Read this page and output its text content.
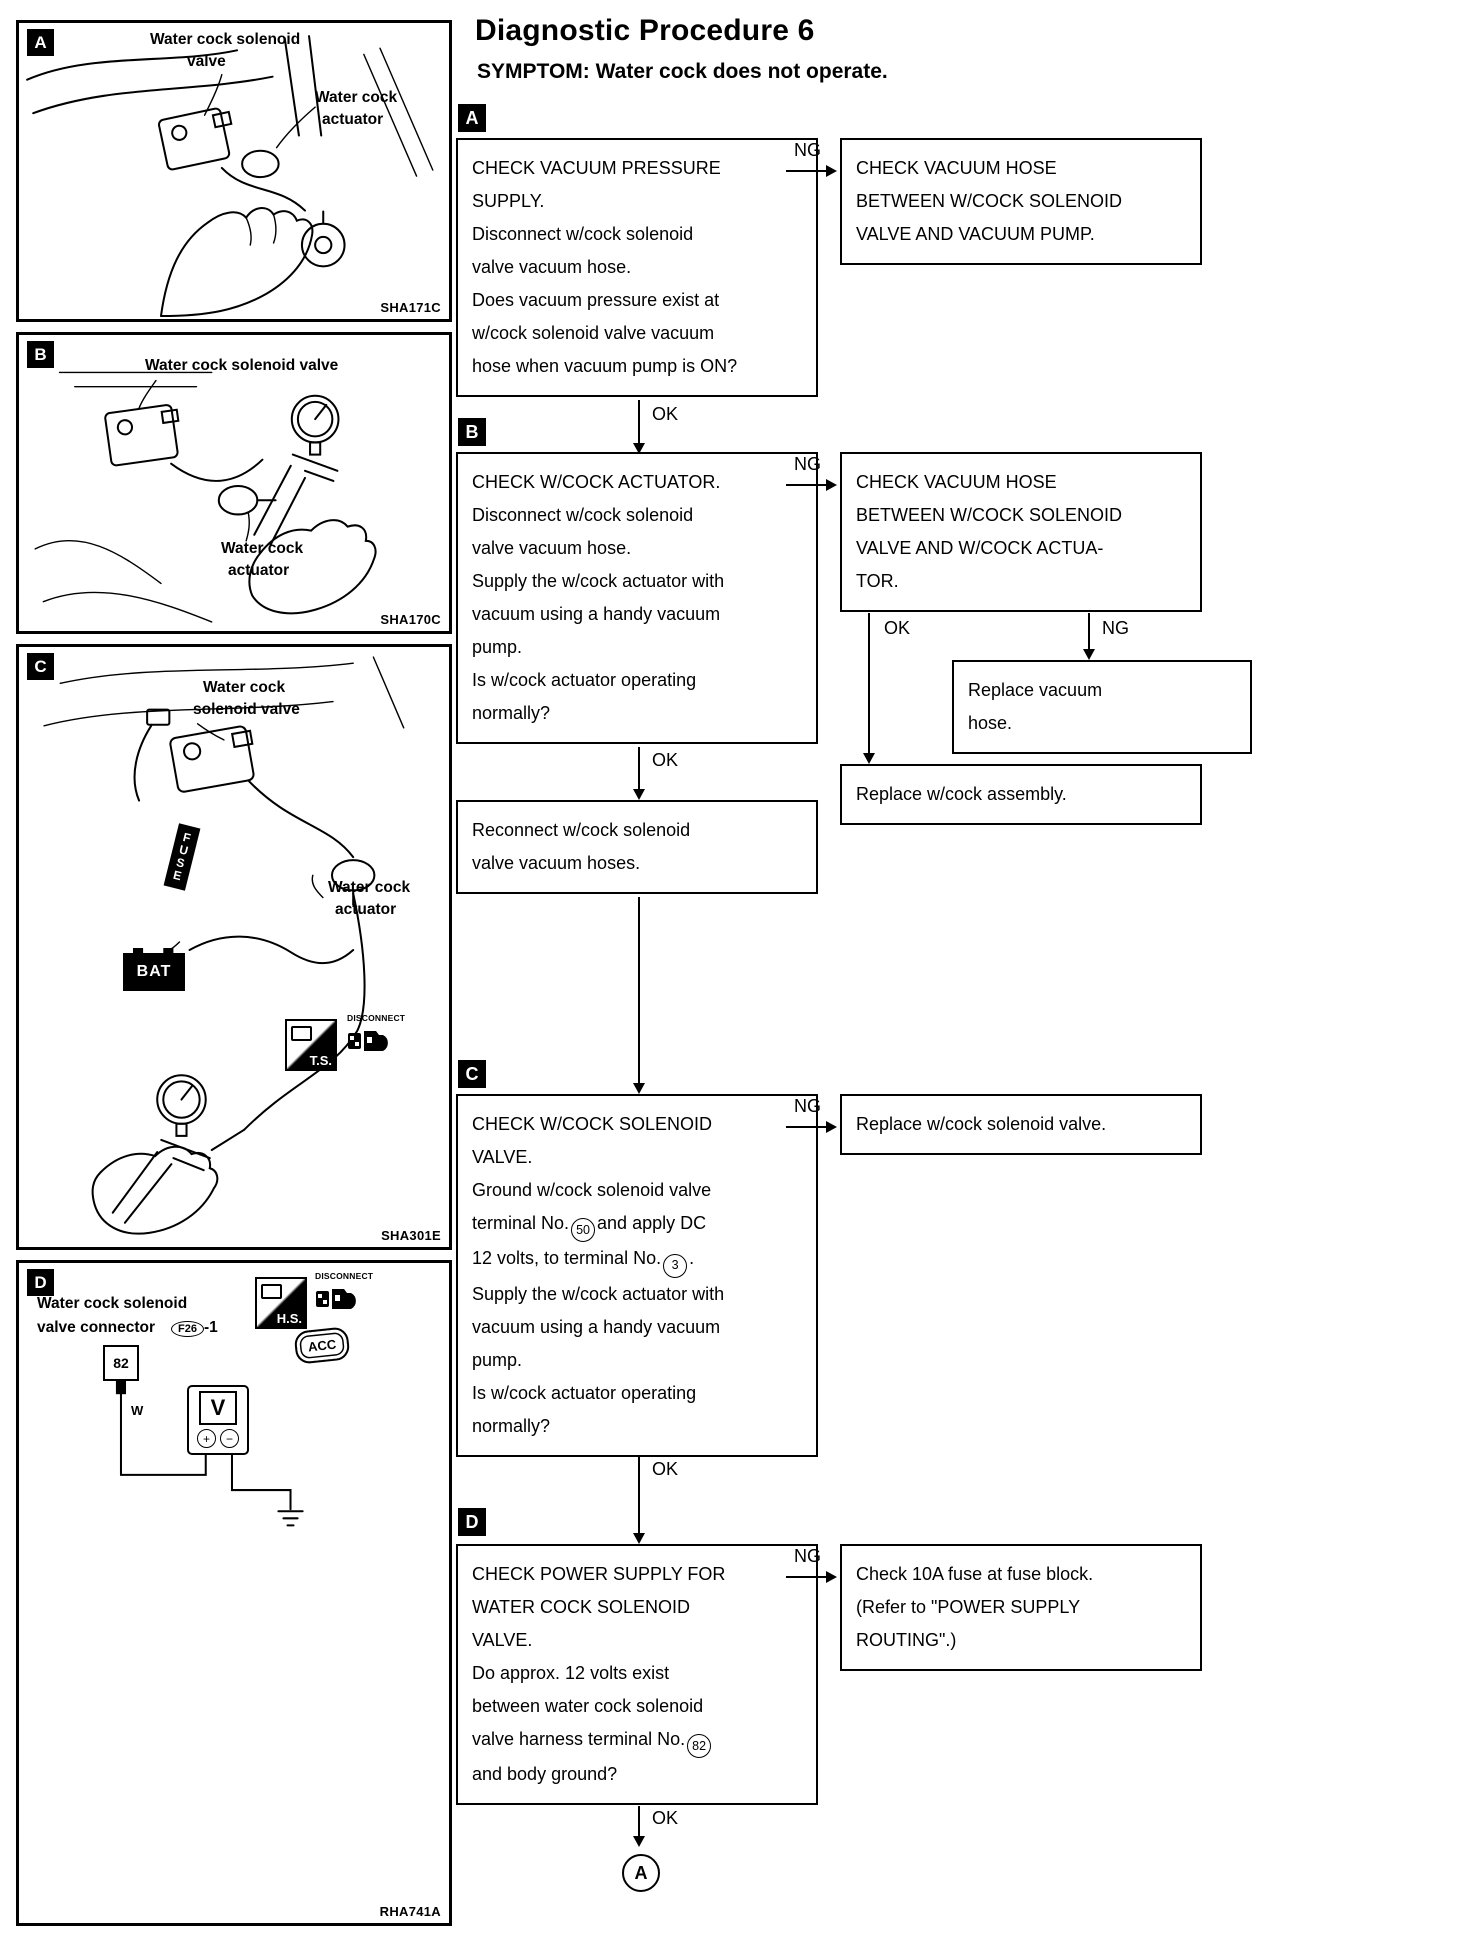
A	Water cock solenoid
valve
Water cock
actuator
SHA171C
B
Water cock solenoid valve
Water cock
actuator
SHA170C
C
Water cock
solenoid valve
Water cock
actuator
FUSE
BAT
T.S.
DISCONNECT
SHA301E
D
Water cock solenoid
valve connector	F26 -1
H.S.
DISCONNECT
ACC
82
W	V
+	−
RHA741A
Diagnostic Procedure 6
SYMPTOM: Water cock does not operate.
A
CHECK VACUUM PRESSURE
SUPPLY.
Disconnect w/cock solenoid
valve vacuum hose.
Does vacuum pressure exist at
w/cock solenoid valve vacuum
hose when vacuum pump is ON?
NG
CHECK VACUUM HOSE
BETWEEN W/COCK SOLENOID
VALVE AND VACUUM PUMP.
OK
B
CHECK W/COCK ACTUATOR.
Disconnect w/cock solenoid
valve vacuum hose.
Supply the w/cock actuator with
vacuum using a handy vacuum
pump.
Is w/cock actuator operating
normally?
NG
CHECK VACUUM HOSE
BETWEEN W/COCK SOLENOID
VALVE AND W/COCK ACTUA-
TOR.
OK	NG
Replace vacuum
hose.
OK
Reconnect w/cock solenoid
valve vacuum hoses.
Replace w/cock assembly.
C
CHECK W/COCK SOLENOID
VALVE.
Ground w/cock solenoid valve
terminal No. 50 and apply DC
12 volts, to terminal No. 3 .
Supply the w/cock actuator with
vacuum using a handy vacuum
pump.
Is w/cock actuator operating
normally?
NG
Replace w/cock solenoid valve.
OK
D
CHECK POWER SUPPLY FOR
WATER COCK SOLENOID
VALVE.
Do approx. 12 volts exist
between water cock solenoid
valve harness terminal No. 82
and body ground?
NG
Check 10A fuse at fuse block.
(Refer to "POWER SUPPLY
ROUTING".)
OK
A
